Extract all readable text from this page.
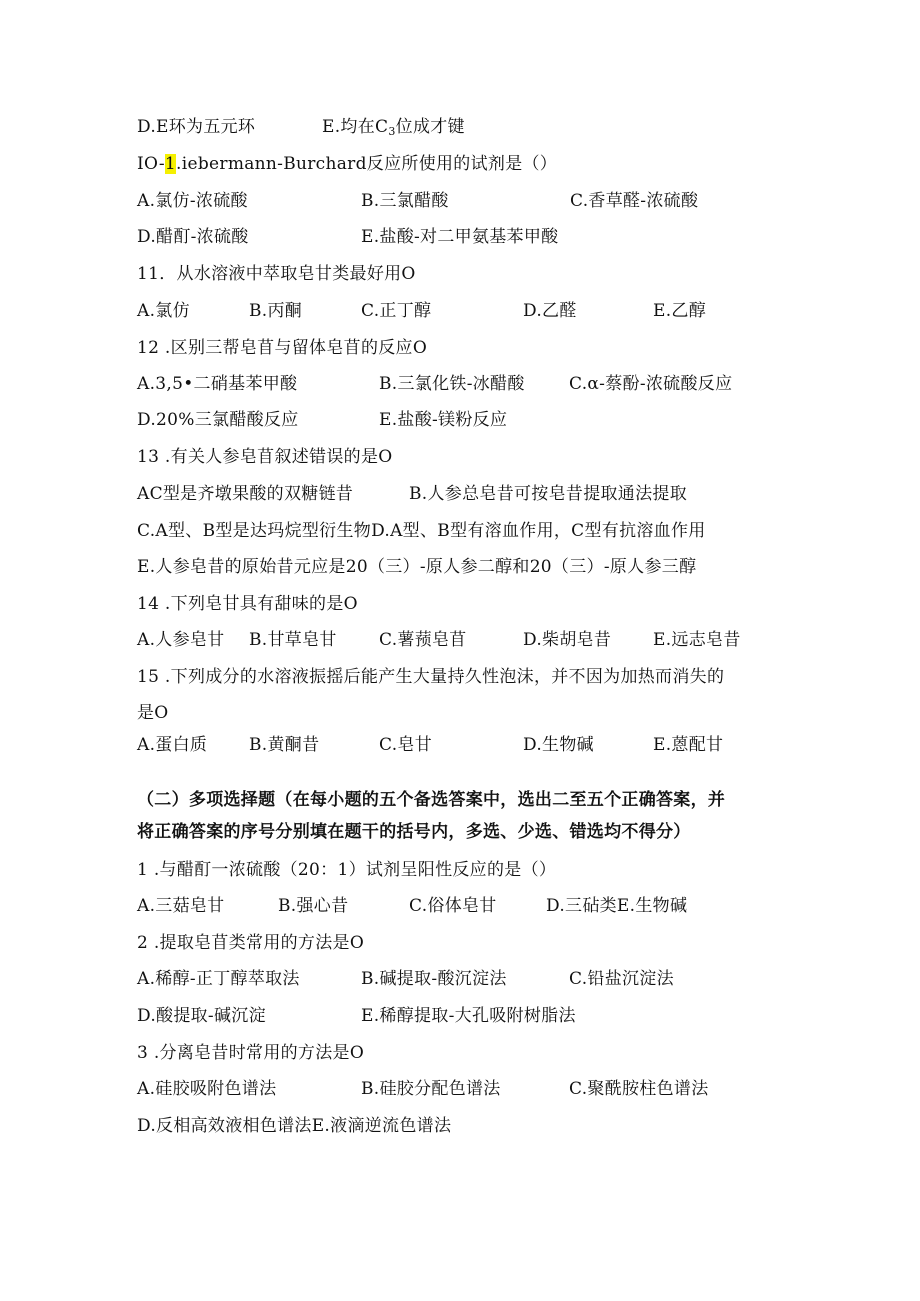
D.E环为五元环	E.均在$C_3$位成才键
IO-1.iebermann-Burchard反应所使用的试剂是（）
A.氯仿-浓硫酸	B.三氯醋酸	C.香草醛-浓硫酸
D.醋酊-浓硫酸	E.盐酸-对二甲氨基苯甲酸
11．从水溶液中萃取皂甘类最好用O
A.氯仿	B.丙酮	C.正丁醇	D.乙醛	E.乙醇
12 .区别三帮皂苜与留体皂苜的反应O
A.3,5•二硝基苯甲酸	B.三氯化铁-冰醋酸	C.α-蔡酚-浓硫酸反应
D.20%三氯醋酸反应	E.盐酸-镁粉反应
13 .有关人参皂苜叙述错误的是O
AC型是齐墩果酸的双糖链昔	B.人参总皂昔可按皂昔提取通法提取
C.A型、B型是达玛烷型衍生物D.A型、B型有溶血作用，C型有抗溶血作用
E.人参皂昔的原始昔元应是20（三）-原人参二醇和20（三）-原人参三醇
14 .下列皂甘具有甜味的是O
A.人参皂甘 B.甘草皂甘 C.薯蓣皂苜	D.柴胡皂昔 E.远志皂昔
15 .下列成分的水溶液振摇后能产生大量持久性泡沫，并不因为加热而消失的
是O
A.蛋白质 B.黄酮昔	C.皂甘	D.生物碱	E.蒽配甘
（二）多项选择题（在每小题的五个备选答案中，选出二至五个正确答案，并
将正确答案的序号分别填在题干的括号内，多选、少选、错选均不得分）
1 .与醋酊一浓硫酸（20：1）试剂呈阳性反应的是（）
A.三菇皂甘	B.强心昔	C.俗体皂甘	D.三砧类E.生物碱
2 .提取皂苜类常用的方法是O
A.稀醇-正丁醇萃取法	B.碱提取-酸沉淀法	C.铅盐沉淀法
D.酸提取-碱沉淀	E.稀醇提取-大孔吸附树脂法
3 .分离皂昔时常用的方法是O
A.硅胶吸附色谱法	B.硅胶分配色谱法	C.聚酰胺柱色谱法
D.反相高效液相色谱法E.液滴逆流色谱法
